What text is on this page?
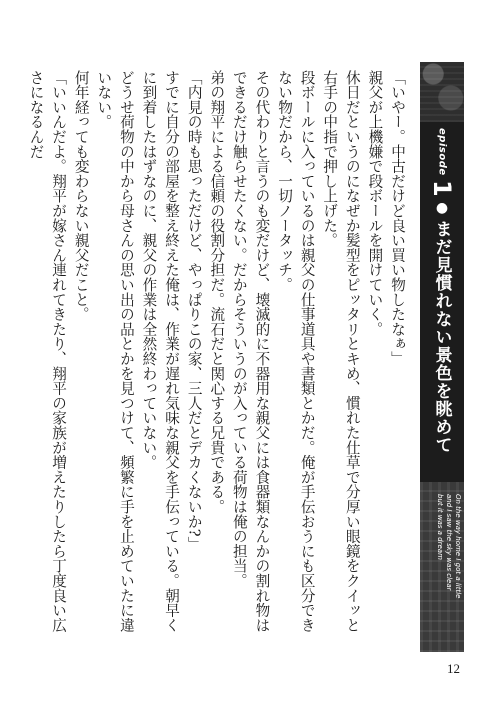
「いやー。中古だけど良い買い物したなぁ」

親父が上機嫌で段ボールを開けていく。

休日だというのになぜか髪型をピッタリとキめ、慣れた仕草で分厚い眼鏡をクイッと右手の中指で押し上げた。

段ボールに入っているのは親父の仕事道具や書類とかだ。俺が手伝おうにも区分できない物だから、一切ノータッチ。

その代わりと言うのも変だけど、壊滅的に不器用な親父には食器類なんかの割れ物はできるだけ触らせたくない。だからそういうのが入っている荷物は俺の担当。

弟の翔平による信頼の役割分担だ。流石だと関心する兄貴である。

「内見の時も思っただけど、やっぱりこの家、三人だとデカくないか?」

すでに自分の部屋を整え終えた俺は、作業が遅れ気味な親父を手伝っている。朝早くに到着したはずなのに、親父の作業は全然終わっていない。

どうせ荷物の中から母さんの思い出の品とかを見つけて、頻繁に手を止めていたに違いない。

何年経っても変わらない親父だこと。

「いいんだよ。翔平が嫁さん連れてきたり、翔平の家族が増えたりしたら丁度良い広さになるんだ	episode
1
●
まだ見慣れない景色を眺めて
On the way home I got a little
and I saw the sky was clear
but it was a dream
12
